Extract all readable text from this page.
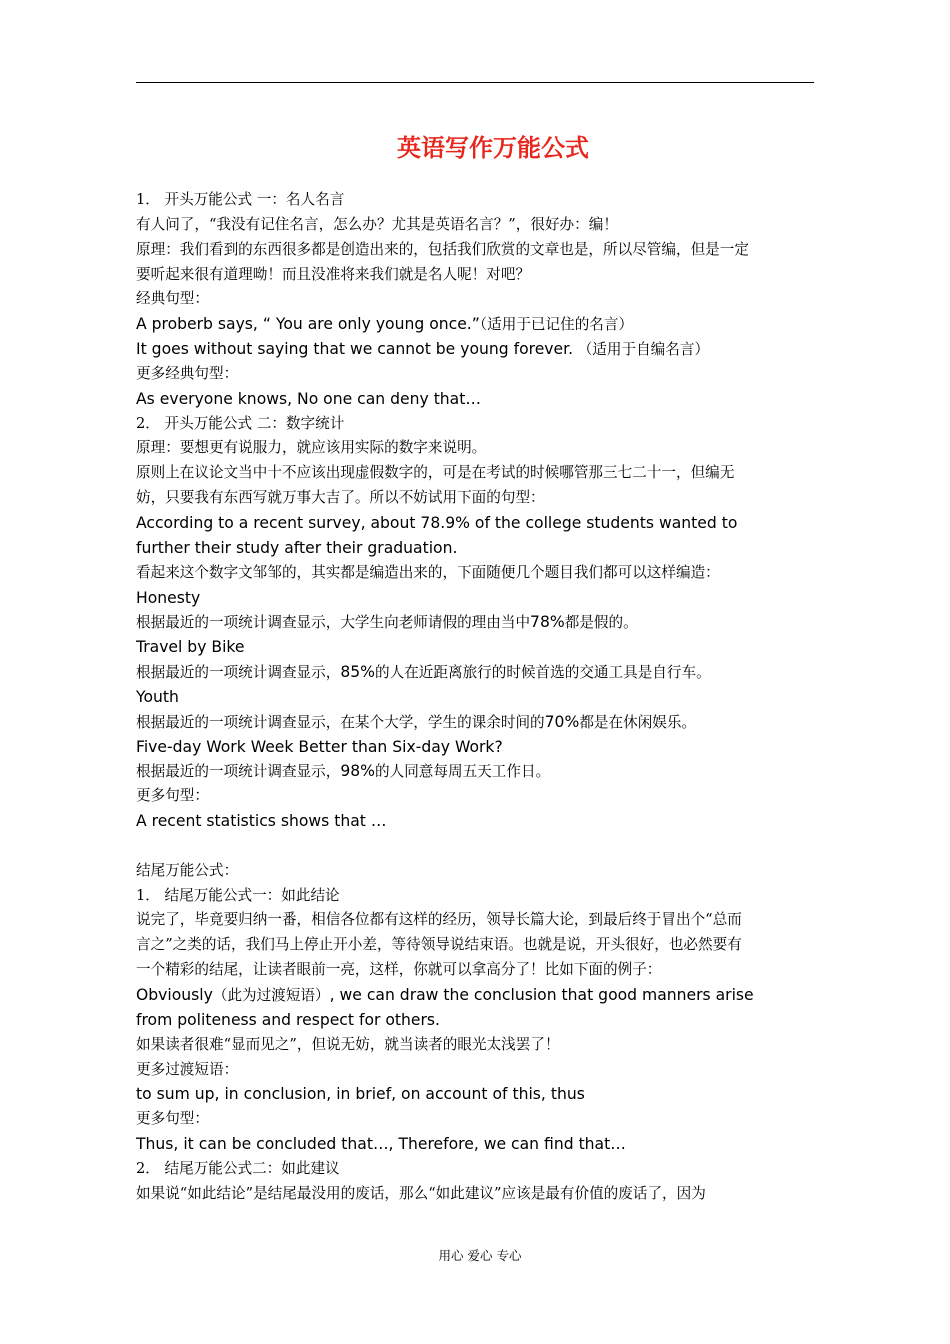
英语写作万能公式
1． 开头万能公式 一：名人名言
有人问了，“我没有记住名言，怎么办？尤其是英语名言？”，很好办：编！
原理：我们看到的东西很多都是创造出来的，包括我们欣赏的文章也是，所以尽管编，但是一定
要听起来很有道理呦！而且没准将来我们就是名人呢！对吧？
经典句型：
A proberb says, “ You are only young once.”（适用于已记住的名言）
It goes without saying that we cannot be young forever. （适用于自编名言）
更多经典句型：
As everyone knows, No one can deny that…
2． 开头万能公式 二：数字统计
原理：要想更有说服力，就应该用实际的数字来说明。
原则上在议论文当中十不应该出现虚假数字的，可是在考试的时候哪管那三七二十一，但编无
妨，只要我有东西写就万事大吉了。所以不妨试用下面的句型：
According to a recent survey, about 78.9% of the college students wanted to
further their study after their graduation.
看起来这个数字文邹邹的，其实都是编造出来的，下面随便几个题目我们都可以这样编造：
Honesty
根据最近的一项统计调查显示，大学生向老师请假的理由当中78%都是假的。
Travel by Bike
根据最近的一项统计调查显示，85%的人在近距离旅行的时候首选的交通工具是自行车。
Youth
根据最近的一项统计调查显示，在某个大学，学生的课余时间的70%都是在休闲娱乐。
Five-day Work Week Better than Six-day Work?
根据最近的一项统计调查显示，98%的人同意每周五天工作日。
更多句型：
A recent statistics shows that …
结尾万能公式：
1． 结尾万能公式一：如此结论
说完了，毕竟要归纳一番，相信各位都有这样的经历，领导长篇大论，到最后终于冒出个“总而
言之”之类的话，我们马上停止开小差，等待领导说结束语。也就是说，开头很好，也必然要有
一个精彩的结尾，让读者眼前一亮，这样，你就可以拿高分了！比如下面的例子：
Obviously（此为过渡短语）, we can draw the conclusion that good manners arise
from politeness and respect for others.
如果读者很难“显而见之”，但说无妨，就当读者的眼光太浅罢了！
更多过渡短语：
to sum up, in conclusion, in brief, on account of this, thus
更多句型：
Thus, it can be concluded that…, Therefore, we can find that…
2． 结尾万能公式二：如此建议
如果说“如此结论”是结尾最没用的废话，那么“如此建议”应该是最有价值的废话了，因为
用心 爱心 专心
